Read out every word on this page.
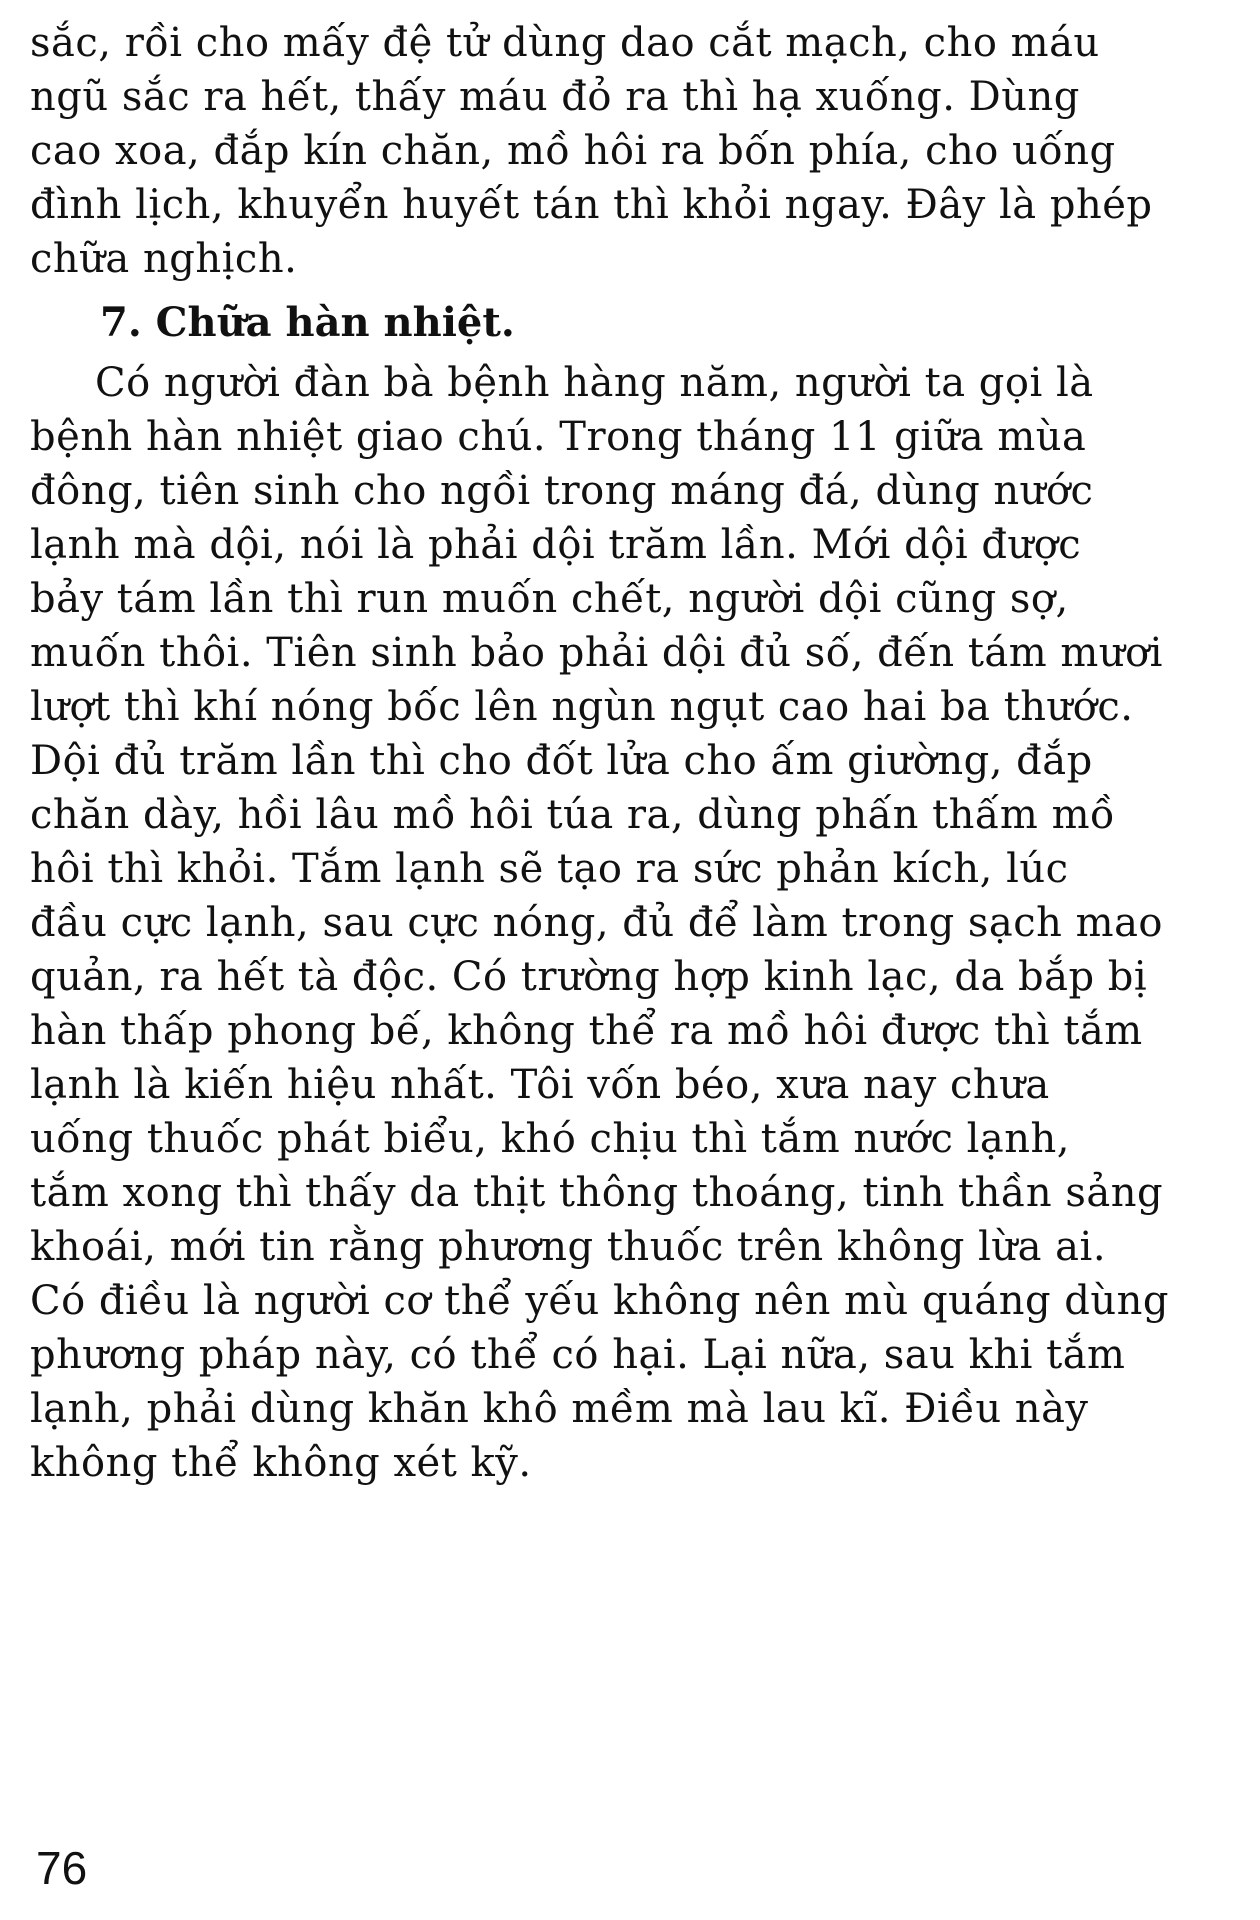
sắc, rồi cho mấy đệ tử dùng dao cắt mạch, cho máu
ngũ sắc ra hết, thấy máu đỏ ra thì hạ xuống. Dùng
cao xoa, đắp kín chăn, mồ hôi ra bốn phía, cho uống
đình lịch, khuyển huyết tán thì khỏi ngay. Đây là phép
chữa nghịch.
7. Chữa hàn nhiệt.
Có người đàn bà bệnh hàng năm, người ta gọi là
bệnh hàn nhiệt giao chú. Trong tháng 11 giữa mùa
đông, tiên sinh cho ngồi trong máng đá, dùng nước
lạnh mà dội, nói là phải dội trăm lần. Mới dội được
bảy tám lần thì run muốn chết, người dội cũng sợ,
muốn thôi. Tiên sinh bảo phải dội đủ số, đến tám mươi
lượt thì khí nóng bốc lên ngùn ngụt cao hai ba thước.
Dội đủ trăm lần thì cho đốt lửa cho ấm giường, đắp
chăn dày, hồi lâu mồ hôi túa ra, dùng phấn thấm mồ
hôi thì khỏi. Tắm lạnh sẽ tạo ra sức phản kích, lúc
đầu cực lạnh, sau cực nóng, đủ để làm trong sạch mao
quản, ra hết tà độc. Có trường hợp kinh lạc, da bắp bị
hàn thấp phong bế, không thể ra mồ hôi được thì tắm
lạnh là kiến hiệu nhất. Tôi vốn béo, xưa nay chưa
uống thuốc phát biểu, khó chịu thì tắm nước lạnh,
tắm xong thì thấy da thịt thông thoáng, tinh thần sảng
khoái, mới tin rằng phương thuốc trên không lừa ai.
Có điều là người cơ thể yếu không nên mù quáng dùng
phương pháp này, có thể có hại. Lại nữa, sau khi tắm
lạnh, phải dùng khăn khô mềm mà lau kĩ. Điều này
không thể không xét kỹ.
76
